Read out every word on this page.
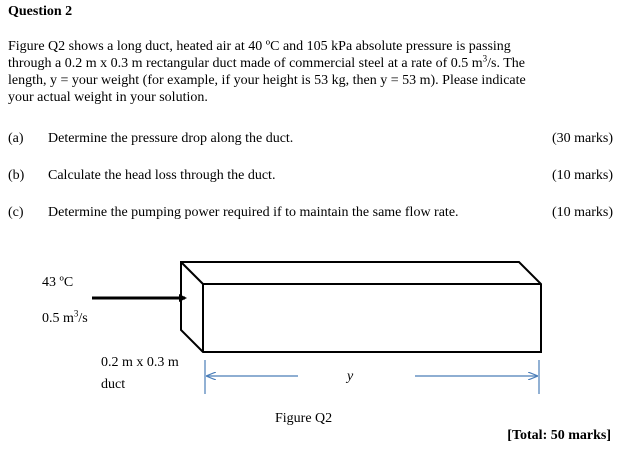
Question 2
Figure Q2 shows a long duct, heated air at 40 ºC and 105 kPa absolute pressure is passing
through a 0.2 m x 0.3 m rectangular duct made of commercial steel at a rate of 0.5 $m^3/s$. The
length, y = your weight (for example, if your height is 53 kg, then y = 53 m). Please indicate
your actual weight in your solution.
(a) Determine the pressure drop along the duct.	(30 marks)
(b) Calculate the head loss through the duct.	(10 marks)
(c) Determine the pumping power required if to maintain the same flow rate.	(10 marks)
43 ºC
0.5 $m^3/s$
0.2 m x 0.3 m
duct
y
Figure Q2
[Total: 50 marks]
